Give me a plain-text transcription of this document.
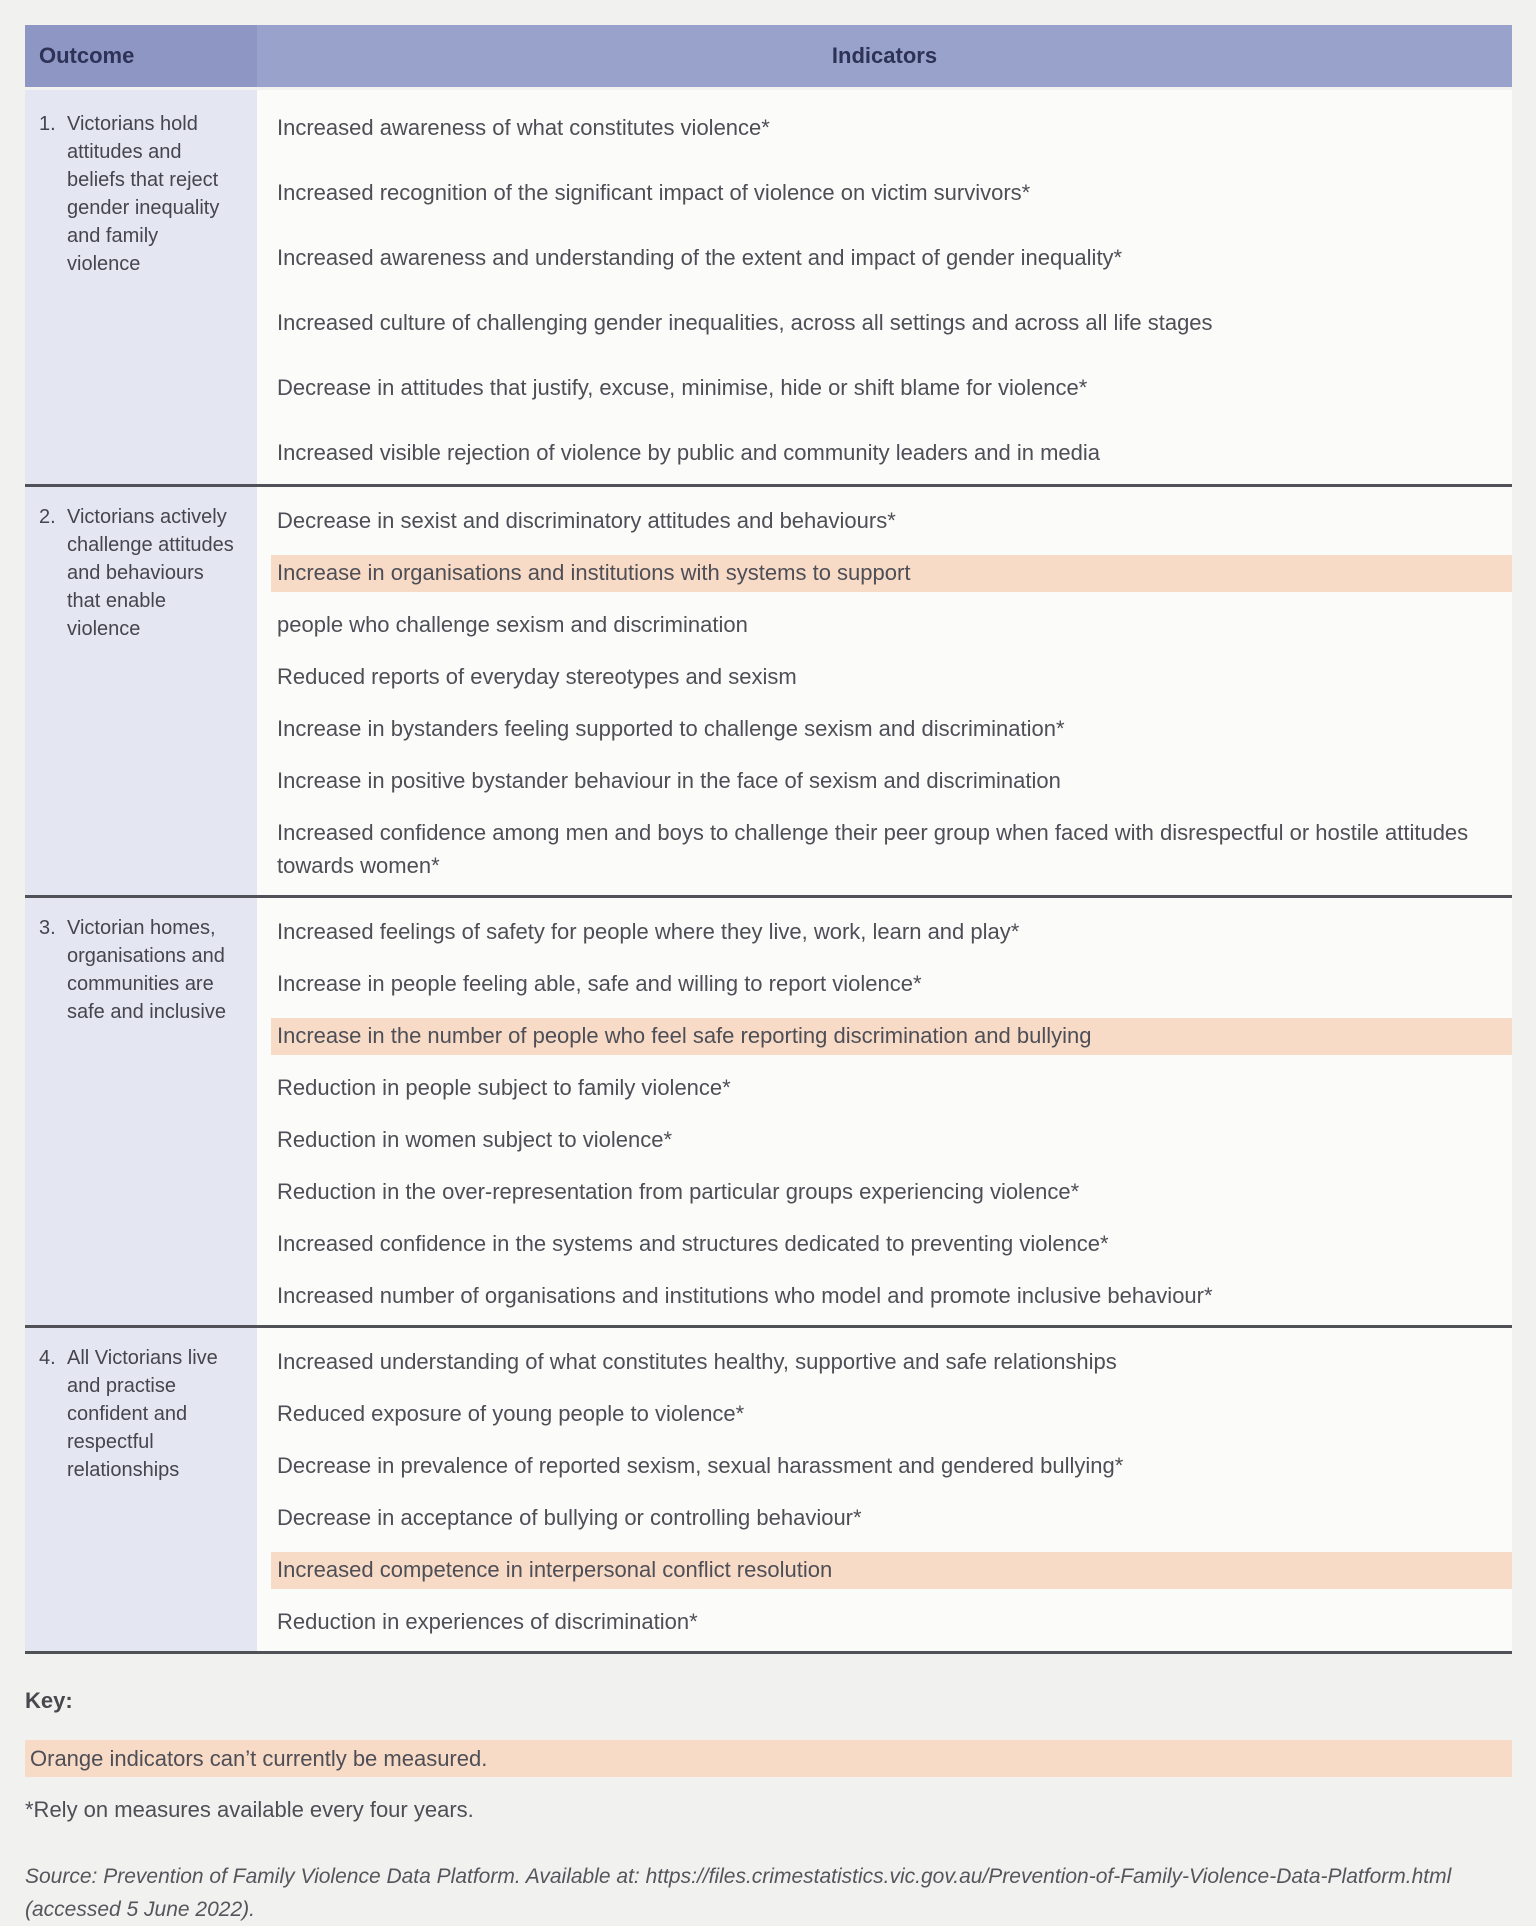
Outcome	Indicators
1. Victorians hold attitudes and beliefs that reject gender inequality and family violence
Increased awareness of what constitutes violence*
Increased recognition of the significant impact of violence on victim survivors*
Increased awareness and understanding of the extent and impact of gender inequality*
Increased culture of challenging gender inequalities, across all settings and across all life stages
Decrease in attitudes that justify, excuse, minimise, hide or shift blame for violence*
Increased visible rejection of violence by public and community leaders and in media
2. Victorians actively challenge attitudes and behaviours that enable violence
Decrease in sexist and discriminatory attitudes and behaviours*
Increase in organisations and institutions with systems to support
people who challenge sexism and discrimination
Reduced reports of everyday stereotypes and sexism
Increase in bystanders feeling supported to challenge sexism and discrimination*
Increase in positive bystander behaviour in the face of sexism and discrimination
Increased confidence among men and boys to challenge their peer group when faced with disrespectful or hostile attitudes towards women*
3. Victorian homes, organisations and communities are safe and inclusive
Increased feelings of safety for people where they live, work, learn and play*
Increase in people feeling able, safe and willing to report violence*
Increase in the number of people who feel safe reporting discrimination and bullying
Reduction in people subject to family violence*
Reduction in women subject to violence*
Reduction in the over-representation from particular groups experiencing violence*
Increased confidence in the systems and structures dedicated to preventing violence*
Increased number of organisations and institutions who model and promote inclusive behaviour*
4. All Victorians live and practise confident and respectful relationships
Increased understanding of what constitutes healthy, supportive and safe relationships
Reduced exposure of young people to violence*
Decrease in prevalence of reported sexism, sexual harassment and gendered bullying*
Decrease in acceptance of bullying or controlling behaviour*
Increased competence in interpersonal conflict resolution
Reduction in experiences of discrimination*
Key:
Orange indicators can’t currently be measured.
*Rely on measures available every four years.
Source: Prevention of Family Violence Data Platform. Available at: https://files.crimestatistics.vic.gov.au/Prevention-of-Family-Violence-Data-Platform.html (accessed 5 June 2022).
